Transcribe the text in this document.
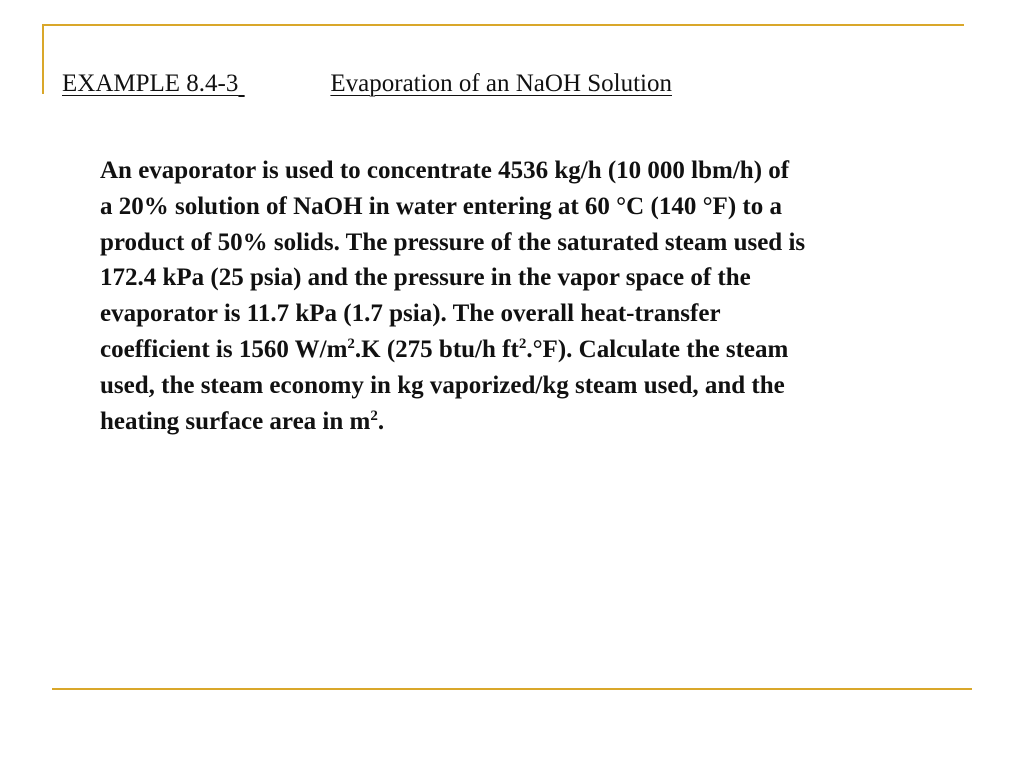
EXAMPLE 8.4-3	Evaporation of an NaOH Solution
An evaporator is used to concentrate 4536 kg/h (10 000 lbm/h) of
a 20% solution of NaOH in water entering at 60 °C (140 °F) to a
product of 50% solids. The pressure of the saturated steam used is
172.4 kPa (25 psia) and the pressure in the vapor space of the
evaporator is 11.7 kPa (1.7 psia). The overall heat-transfer
coefficient is 1560 $W/m^2.K$ (275 btu/h $ft^2.^\circ F$). Calculate the steam
used, the steam economy in kg vaporized/kg steam used, and the
heating surface area in $m^2$.
